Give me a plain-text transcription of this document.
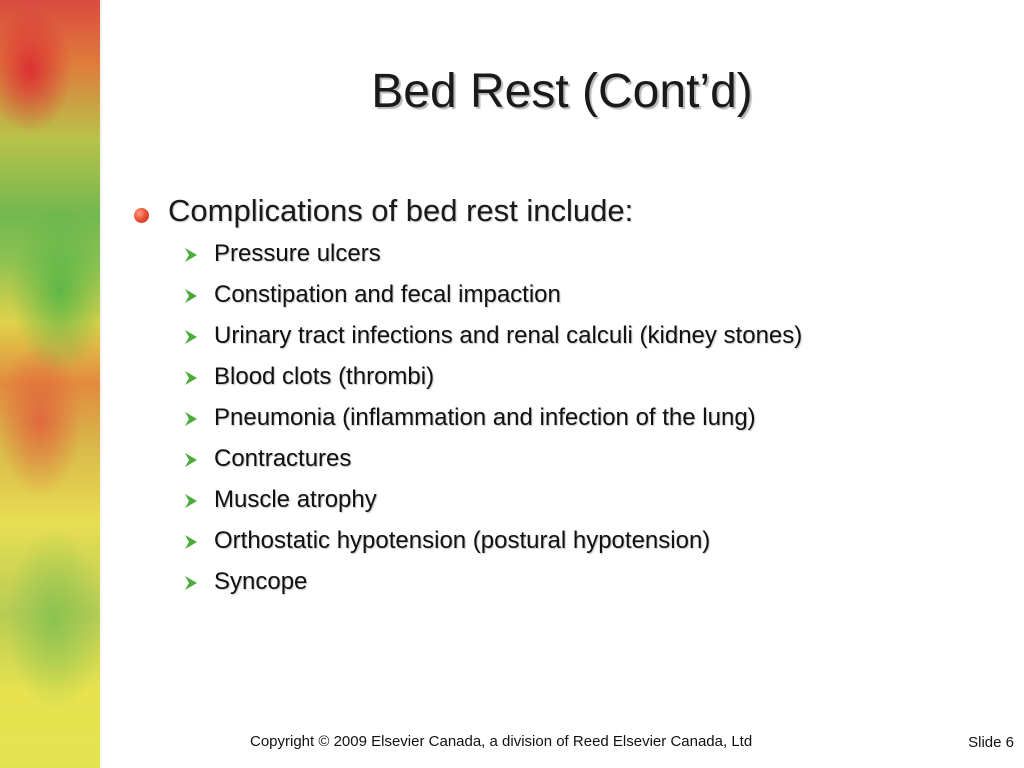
Bed Rest (Cont’d)
Complications of bed rest include:
Pressure ulcers
Constipation and fecal impaction
Urinary tract infections and renal calculi (kidney stones)
Blood clots (thrombi)
Pneumonia (inflammation and infection of the lung)
Contractures
Muscle atrophy
Orthostatic hypotension (postural hypotension)
Syncope
Copyright © 2009 Elsevier Canada, a division of Reed Elsevier Canada, Ltd	Slide 6
